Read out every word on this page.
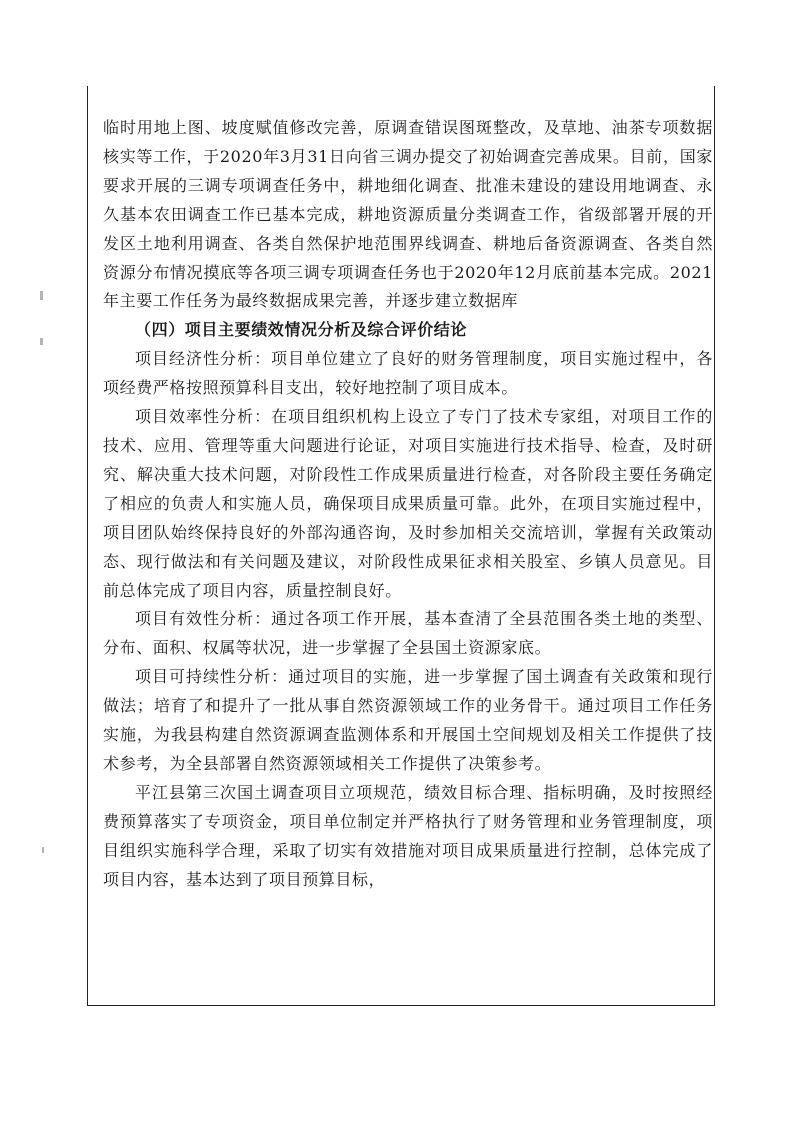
临时用地上图、坡度赋值修改完善，原调查错误图斑整改，及草地、油茶专项数据核实等工作，于2020年3月31日向省三调办提交了初始调查完善成果。目前，国家要求开展的三调专项调查任务中，耕地细化调查、批准未建设的建设用地调查、永久基本农田调查工作已基本完成，耕地资源质量分类调查工作，省级部署开展的开发区土地利用调查、各类自然保护地范围界线调查、耕地后备资源调查、各类自然资源分布情况摸底等各项三调专项调查任务也于2020年12月底前基本完成。2021年主要工作任务为最终数据成果完善，并逐步建立数据库

（四）项目主要绩效情况分析及综合评价结论

项目经济性分析：项目单位建立了良好的财务管理制度，项目实施过程中，各项经费严格按照预算科目支出，较好地控制了项目成本。

项目效率性分析：在项目组织机构上设立了专门了技术专家组，对项目工作的技术、应用、管理等重大问题进行论证，对项目实施进行技术指导、检查，及时研究、解决重大技术问题，对阶段性工作成果质量进行检查，对各阶段主要任务确定了相应的负责人和实施人员，确保项目成果质量可靠。此外，在项目实施过程中，项目团队始终保持良好的外部沟通咨询，及时参加相关交流培训，掌握有关政策动态、现行做法和有关问题及建议，对阶段性成果征求相关股室、乡镇人员意见。目前总体完成了项目内容，质量控制良好。

项目有效性分析：通过各项工作开展，基本查清了全县范围各类土地的类型、分布、面积、权属等状况，进一步掌握了全县国土资源家底。

项目可持续性分析：通过项目的实施，进一步掌握了国土调查有关政策和现行做法；培育了和提升了一批从事自然资源领域工作的业务骨干。通过项目工作任务实施，为我县构建自然资源调查监测体系和开展国土空间规划及相关工作提供了技术参考，为全县部署自然资源领域相关工作提供了决策参考。

平江县第三次国土调查项目立项规范，绩效目标合理、指标明确，及时按照经费预算落实了专项资金，项目单位制定并严格执行了财务管理和业务管理制度，项目组织实施科学合理，采取了切实有效措施对项目成果质量进行控制，总体完成了项目内容，基本达到了项目预算目标，
